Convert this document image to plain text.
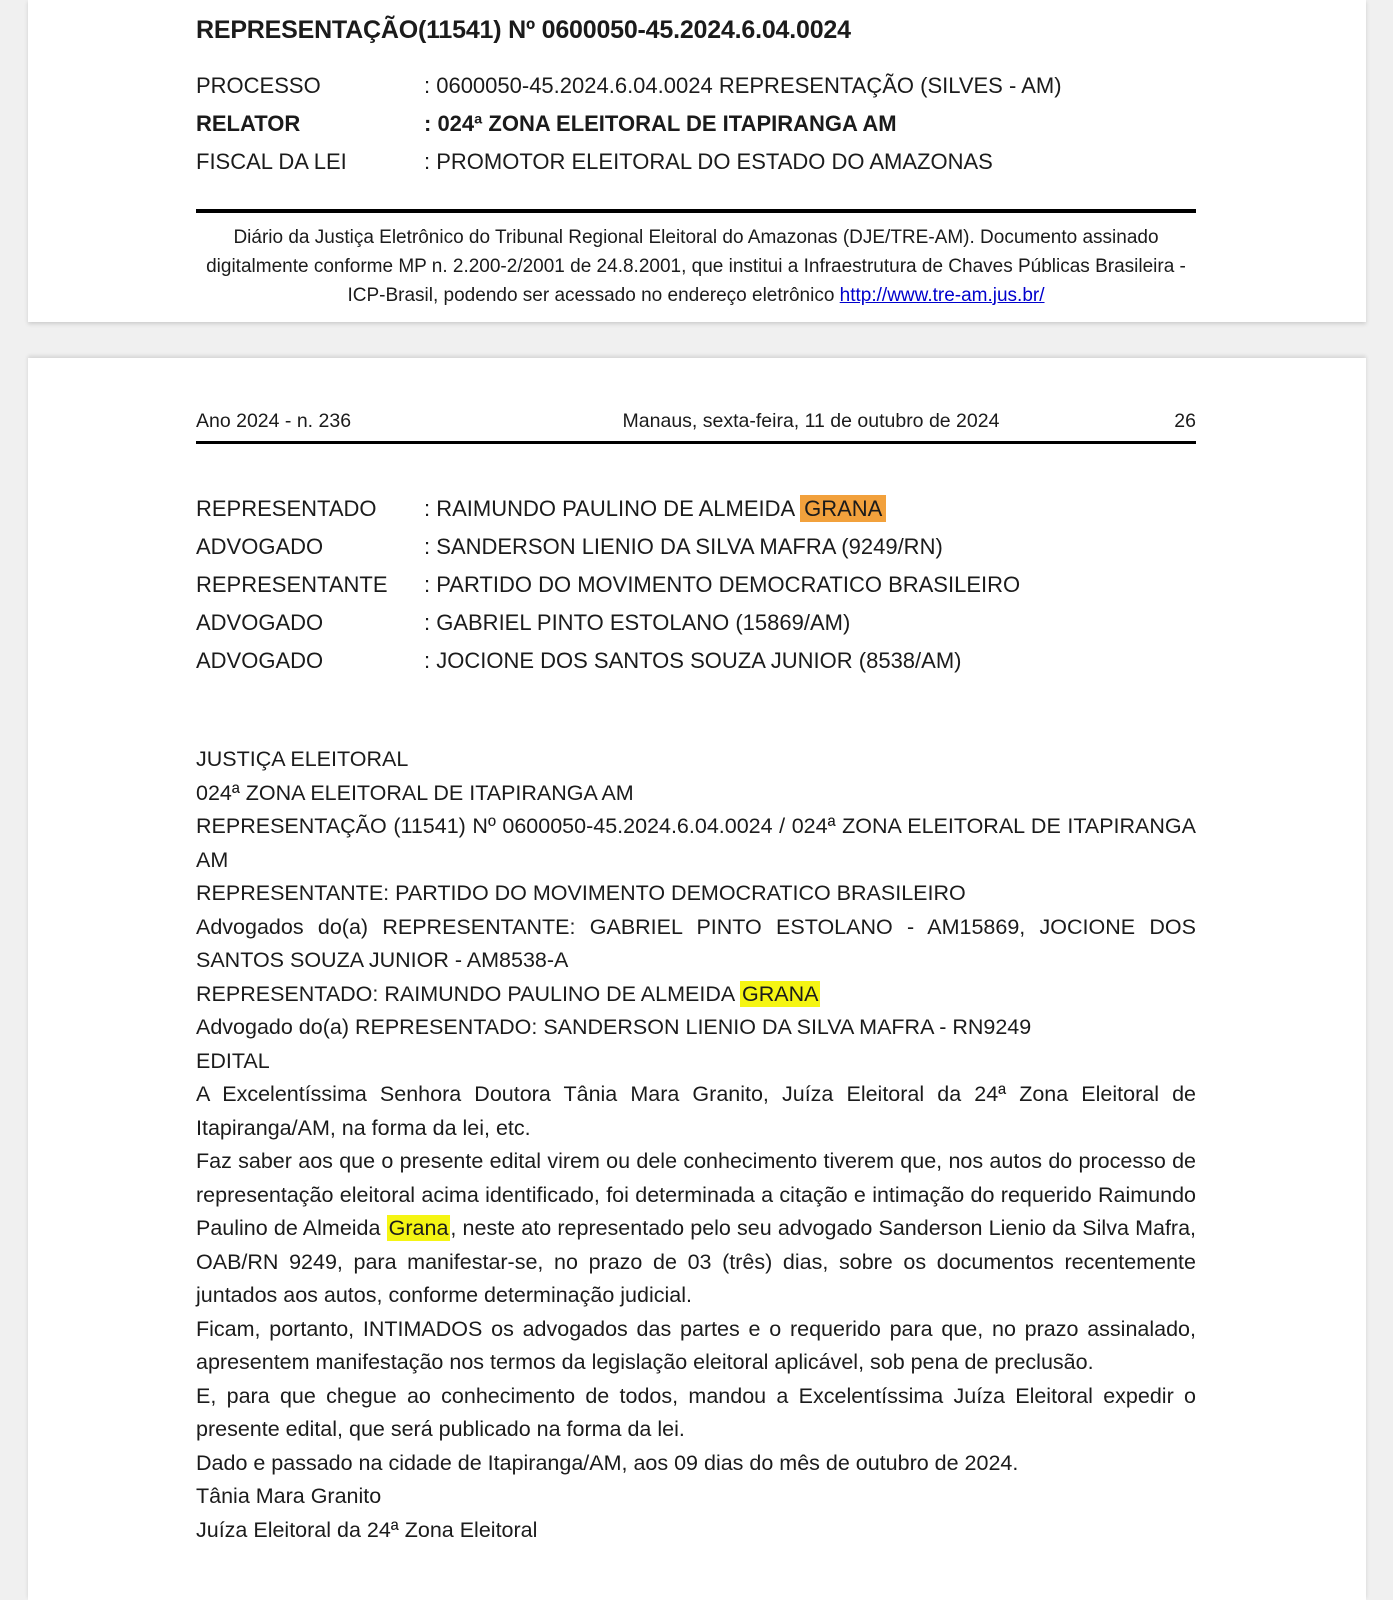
REPRESENTAÇÃO(11541) Nº 0600050-45.2024.6.04.0024
PROCESSO	: 0600050-45.2024.6.04.0024 REPRESENTAÇÃO (SILVES - AM)
RELATOR	: 024ª ZONA ELEITORAL DE ITAPIRANGA AM
FISCAL DA LEI	: PROMOTOR ELEITORAL DO ESTADO DO AMAZONAS

Diário da Justiça Eletrônico do Tribunal Regional Eleitoral do Amazonas (DJE/TRE-AM). Documento assinado digitalmente conforme MP n. 2.200-2/2001 de 24.8.2001, que institui a Infraestrutura de Chaves Públicas Brasileira - ICP-Brasil, podendo ser acessado no endereço eletrônico http://www.tre-am.jus.br/

Ano 2024 - n. 236	Manaus, sexta-feira, 11 de outubro de 2024	26
REPRESENTADO	: RAIMUNDO PAULINO DE ALMEIDA GRANA
ADVOGADO	: SANDERSON LIENIO DA SILVA MAFRA (9249/RN)
REPRESENTANTE	: PARTIDO DO MOVIMENTO DEMOCRATICO BRASILEIRO
ADVOGADO	: GABRIEL PINTO ESTOLANO (15869/AM)
ADVOGADO	: JOCIONE DOS SANTOS SOUZA JUNIOR (8538/AM)

JUSTIÇA ELEITORAL

024ª ZONA ELEITORAL DE ITAPIRANGA AM

REPRESENTAÇÃO (11541) Nº 0600050-45.2024.6.04.0024 / 024ª ZONA ELEITORAL DE ITAPIRANGA AM

REPRESENTANTE: PARTIDO DO MOVIMENTO DEMOCRATICO BRASILEIRO

Advogados do(a) REPRESENTANTE: GABRIEL PINTO ESTOLANO - AM15869, JOCIONE DOS SANTOS SOUZA JUNIOR - AM8538-A

REPRESENTADO: RAIMUNDO PAULINO DE ALMEIDA GRANA

Advogado do(a) REPRESENTADO: SANDERSON LIENIO DA SILVA MAFRA - RN9249

EDITAL

A Excelentíssima Senhora Doutora Tânia Mara Granito, Juíza Eleitoral da 24ª Zona Eleitoral de Itapiranga/AM, na forma da lei, etc.

Faz saber aos que o presente edital virem ou dele conhecimento tiverem que, nos autos do processo de representação eleitoral acima identificado, foi determinada a citação e intimação do requerido Raimundo Paulino de Almeida Grana, neste ato representado pelo seu advogado Sanderson Lienio da Silva Mafra, OAB/RN 9249, para manifestar-se, no prazo de 03 (três) dias, sobre os documentos recentemente juntados aos autos, conforme determinação judicial.

Ficam, portanto, INTIMADOS os advogados das partes e o requerido para que, no prazo assinalado, apresentem manifestação nos termos da legislação eleitoral aplicável, sob pena de preclusão.

E, para que chegue ao conhecimento de todos, mandou a Excelentíssima Juíza Eleitoral expedir o presente edital, que será publicado na forma da lei.

Dado e passado na cidade de Itapiranga/AM, aos 09 dias do mês de outubro de 2024.

Tânia Mara Granito

Juíza Eleitoral da 24ª Zona Eleitoral
